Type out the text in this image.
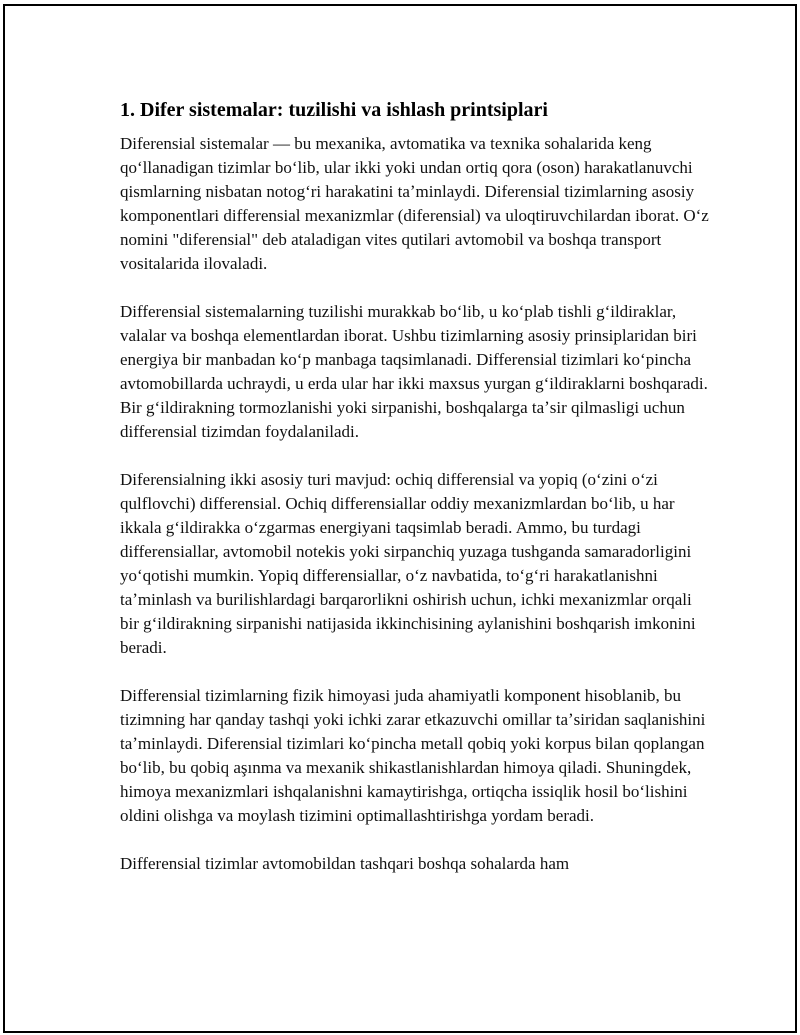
1. Difer sistemalar: tuzilishi va ishlash printsiplari

Diferensial sistemalar — bu mexanika, avtomatika va texnika sohalarida keng qoʻllanadigan tizimlar boʻlib, ular ikki yoki undan ortiq qora (oson) harakatlanuvchi qismlarning nisbatan notogʻri harakatini taʼminlaydi. Diferensial tizimlarning asosiy komponentlari differensial mexanizmlar (diferensial) va uloqtiruvchilardan iborat. Oʻz nomini "diferensial" deb ataladigan vites qutilari avtomobil va boshqa transport vositalarida ilovaladi.

Differensial sistemalarning tuzilishi murakkab boʻlib, u koʻplab tishli gʻildiraklar, valalar va boshqa elementlardan iborat. Ushbu tizimlarning asosiy prinsiplaridan biri energiya bir manbadan koʻp manbaga taqsimlanadi. Differensial tizimlari koʻpincha avtomobillarda uchraydi, u erda ular har ikki maxsus yurgan gʻildiraklarni boshqaradi. Bir gʻildirakning tormozlanishi yoki sirpanishi, boshqalarga taʼsir qilmasligi uchun differensial tizimdan foydalaniladi.

Diferensialning ikki asosiy turi mavjud: ochiq differensial va yopiq (oʻzini oʻzi qulflovchi) differensial. Ochiq differensiallar oddiy mexanizmlardan boʻlib, u har ikkala gʻildirakka oʻzgarmas energiyani taqsimlab beradi. Ammo, bu turdagi differensiallar, avtomobil notekis yoki sirpanchiq yuzaga tushganda samaradorligini yoʻqotishi mumkin. Yopiq differensiallar, oʻz navbatida, toʻgʻri harakatlanishni taʼminlash va burilishlardagi barqarorlikni oshirish uchun, ichki mexanizmlar orqali bir gʻildirakning sirpanishi natijasida ikkinchisining aylanishini boshqarish imkonini beradi.

Differensial tizimlarning fizik himoyasi juda ahamiyatli komponent hisoblanib, bu tizimning har qanday tashqi yoki ichki zarar etkazuvchi omillar taʼsiridan saqlanishini taʼminlaydi. Diferensial tizimlari koʻpincha metall qobiq yoki korpus bilan qoplangan boʻlib, bu qobiq aşınma va mexanik shikastlanishlardan himoya qiladi. Shuningdek, himoya mexanizmlari ishqalanishni kamaytirishga, ortiqcha issiqlik hosil boʻlishini oldini olishga va moylash tizimini optimallashtirishga yordam beradi.

Differensial tizimlar avtomobildan tashqari boshqa sohalarda ham
